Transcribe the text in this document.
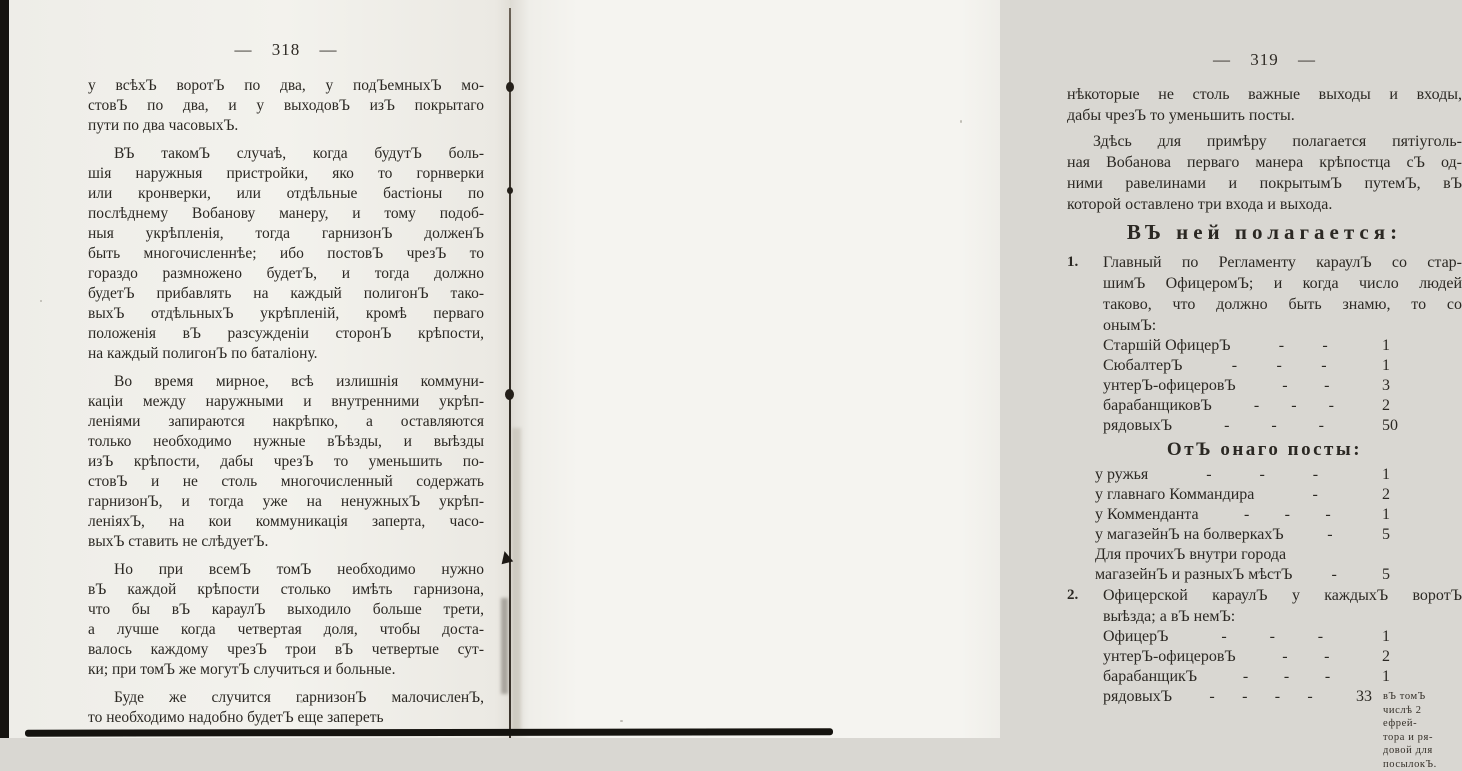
— 318 —
у всѣхЪ воротЪ по два, у подЪемныхЪ мо-
стовЪ по два, и у выходовЪ изЪ покрытаго
пути по два часовыхЪ.
ВЪ такомЪ случаѣ, когда будутЪ боль-
шія наружныя пристройки, яко то горнверки
или кронверки, или отдѣльные бастіоны по
послѣднему Вобанову манеру, и тому подоб-
ныя укрѣпленія, тогда гарнизонЪ долженЪ
быть многочисленнѣе; ибо постовЪ чрезЪ то
гораздо размножено будетЪ, и тогда должно
будетЪ прибавлять на каждый полигонЪ тако-
выхЪ отдѣльныхЪ укрѣпленій, кромѣ перваго
положенія вЪ разсужденіи сторонЪ крѣпости,
на каждый полигонЪ по баталіону.
Во время мирное, всѣ излишнія коммуни-
каціи между наружными и внутренними укрѣп-
леніями запираются накрѣпко, а оставляются
только необходимо нужные вЪѣзды, и выѣзды
изЪ крѣпости, дабы чрезЪ то уменьшить по-
стовЪ и не столь многочисленный содержать
гарнизонЪ, и тогда уже на ненужныхЪ укрѣп-
леніяхЪ, на кои коммуникація заперта, часо-
выхЪ ставить не слѣдуетЪ.
Но при всемЪ томЪ необходимо нужно
вЪ каждой крѣпости столько имѣть гарнизона,
что бы вЪ караулЪ выходило больше трети,
а лучше когда четвертая доля, чтобы доста-
валось каждому чрезЪ трои вЪ четвертые сут-
ки; при томЪ же могутЪ случиться и больные.
Буде же случится гарнизонЪ малочисленЪ,
то необходимо надобно будетЪ еще запереть
— 319 —
нѣкоторые не столь важные выходы и входы,
дабы чрезЪ то уменьшить посты.
Здѣсь для примѣру полагается пятіуголь-
ная Вобанова перваго манера крѣпостца сЪ од-
ними равелинами и покрытымЪ путемЪ, вЪ
которой оставлено три входа и выхода.
ВЪ ней полагается:
1.	Главный по Регламенту караулЪ со стар-
шимЪ ОфицеромЪ; и когда число людей
таково, что должно быть знамю, то со
онымЪ:
Старшій ОфицерЪ	- -	1
СюбалтерЪ	- - -	1
унтерЪ-офицеровЪ	- -	3
барабанщиковЪ	- - -	2
рядовыхЪ	-	-	-	50
ОтЪ онаго посты:
у ружья	-	-	-	1
у главнаго Коммандира	-	2
у Комменданта	- - -	1
у магазейнЪ на болверкахЪ	-	5
Для прочихЪ внутри города
магазейнЪ и разныхЪ мѣстЪ -	5
2.	Офицерской караулЪ у каждыхЪ воротЪ
выѣзда; а вЪ немЪ:
ОфицерЪ	-	-	-	1
унтерЪ-офицеровЪ	- -	2
барабанщикЪ	- - -	1
рядовыхЪ - - - -	33 вЪ томЪ
числѣ 2
ефрей-
тора и ря-
довой для
посылокЪ.
